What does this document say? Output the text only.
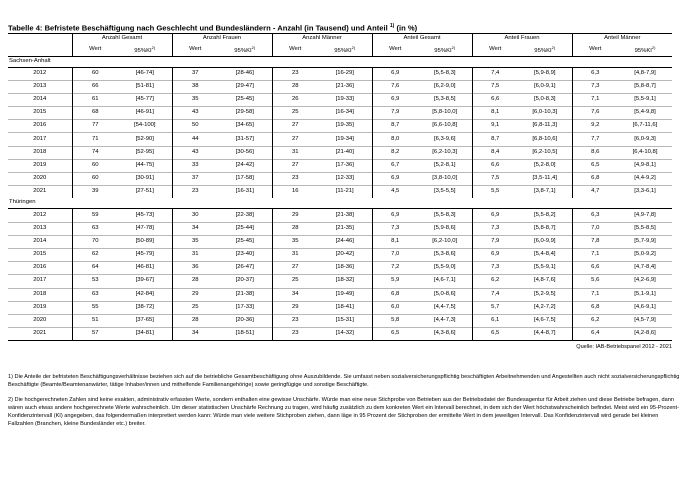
Tabelle 4: Befristete Beschäftigung nach Geschlecht und Bundesländern - Anzahl (in Tausend) und Anteil $^{1)}$ (in %)
	Anzahl Gesamt		Anzahl Frauen		Anzahl Männer		Anteil Gesamt		Anteil Frauen		Anteil Männer	
	Wert	95%KI$^{2)}$	Wert	95%KI$^{2)}$	Wert	95%KI$^{2)}$	Wert	95%KI$^{2)}$	Wert	95%KI$^{2)}$	Wert	95%KI$^{2)}$
Sachsen-Anhalt												
2012	60	[46-74]	37	[28-46]	23	[16-29]	6,9	[5,5-8,3]	7,4	[5,9-8,9]	6,3	[4,8-7,9]
2013	66	[51-81]	38	[29-47]	28	[21-36]	7,6	[6,2-9,0]	7,5	[6,0-9,1]	7,3	[5,8-8,7]
2014	61	[45-77]	35	[25-45]	26	[19-33]	6,9	[5,3-8,5]	6,6	[5,0-8,3]	7,1	[5,5-9,1]
2015	68	[46-91]	43	[29-58]	25	[16-34]	7,9	[5,8-10,0]	8,1	[6,0-10,3]	7,6	[5,4-9,8]
2016	77	[54-100]	50	[34-65]	27	[19-35]	8,7	[6,6-10,8]	9,1	[6,8-11,3]	9,2	[6,7-11,6]
2017	71	[52-90]	44	[31-57]	27	[19-34]	8,0	[6,3-9,6]	8,7	[6,8-10,6]	7,7	[6,0-9,3]
2018	74	[52-95]	43	[30-56]	31	[21-40]	8,2	[6,2-10,3]	8,4	[6,2-10,5]	8,6	[6,4-10,8]
2019	60	[44-75]	33	[24-42]	27	[17-36]	6,7	[5,2-8,1]	6,6	[5,2-8,0]	6,5	[4,9-8,1]
2020	60	[30-91]	37	[17-58]	23	[12-33]	6,9	[3,8-10,0]	7,5	[3,5-11,4]	6,8	[4,4-9,2]
2021	39	[27-51]	23	[16-31]	16	[11-21]	4,5	[3,5-5,5]	5,5	[3,8-7,1]	4,7	[3,3-6,1]
Thüringen												
2012	59	[45-73]	30	[22-38]	29	[21-38]	6,9	[5,5-8,3]	6,9	[5,5-8,2]	6,3	[4,9-7,8]
2013	63	[47-78]	34	[25-44]	28	[21-35]	7,3	[5,9-8,6]	7,3	[5,8-8,7]	7,0	[5,5-8,5]
2014	70	[50-89]	35	[25-45]	35	[24-46]	8,1	[6,2-10,0]	7,9	[6,0-9,9]	7,8	[5,7-9,9]
2015	62	[45-79]	31	[23-40]	31	[20-42]	7,0	[5,3-8,6]	6,9	[5,4-8,4]	7,1	[5,0-9,2]
2016	64	[46-81]	36	[26-47]	27	[18-36]	7,2	[5,5-9,0]	7,3	[5,5-9,1]	6,6	[4,7-8,4]
2017	53	[39-67]	28	[20-37]	25	[18-32]	5,9	[4,6-7,1]	6,2	[4,8-7,6]	5,6	[4,2-6,9]
2018	63	[42-84]	29	[21-38]	34	[19-49]	6,8	[5,0-8,6]	7,4	[5,2-9,5]	7,1	[5,1-9,1]
2019	55	[38-72]	25	[17-33]	29	[18-41]	6,0	[4,4-7,5]	5,7	[4,2-7,2]	6,8	[4,6-9,1]
2020	51	[37-65]	28	[20-36]	23	[15-31]	5,8	[4,4-7,3]	6,1	[4,6-7,5]	6,2	[4,5-7,9]
2021	57	[34-81]	34	[18-51]	23	[14-32]	6,5	[4,3-8,6]	6,5	[4,4-8,7]	6,4	[4,2-8,6]
Quelle: IAB-Betriebspanel 2012 - 2021
1) Die Anteile der befristeten Beschäftigungsverhältnisse beziehen sich auf die betriebliche Gesamtbeschäftigung ohne Auszubildende. Sie umfasst neben sozialversicherungspflichtig beschäftigten Arbeitnehmenden und Angestellten auch nicht sozialversicherungspflichtig Beschäftigte (Beamte/Beamtenanwärter, tätige Inhaber/innen und mithelfende Familienangehörige) sowie geringfügige und sonstige Beschäftigte.
2) Die hochgerechneten Zahlen sind keine exakten, administrativ erfassten Werte, sondern enthalten eine gewisse Unschärfe. Würde man eine neue Stichprobe von Betrieben aus der Betriebsdatei der Bundesagentur für Arbeit ziehen und diese Betriebe befragen, dann wären auch etwas andere hochgerechnete Werte wahrscheinlich. Um dieser statistischen Unschärfe Rechnung zu tragen, wird häufig zusätzlich zu dem konkreten Wert ein Intervall berechnet, in dem sich der Wert höchstwahrscheinlich befindet. Meist wird ein 95-Prozent-Konfidenzintervall (KI) angegeben, das folgendermaßen interpretiert werden kann: Würde man viele weitere Stichproben ziehen, dann läge in 95 Prozent der Stichproben der ermittelte Wert in dem jeweiligen Intervall. Das Konfidenzintervall wird gerade bei kleinen Fallzahlen (Branchen, kleine Bundesländer etc.) breiter.
